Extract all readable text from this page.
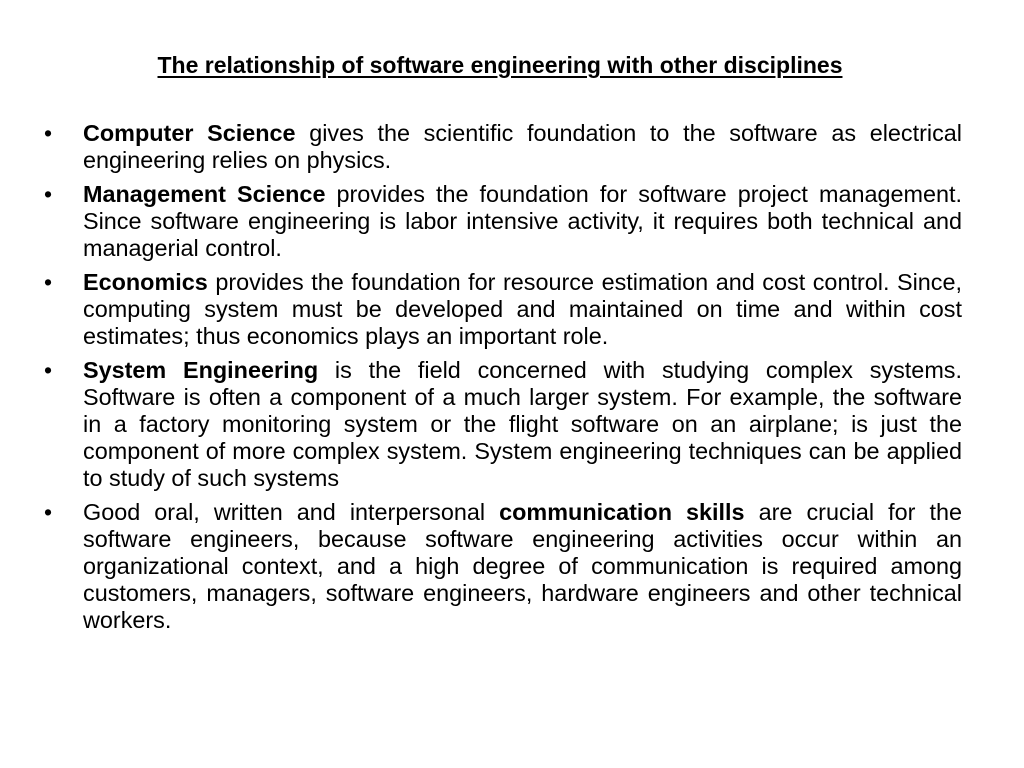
The relationship of software engineering with other disciplines
•	Computer Science gives the scientific foundation to the software as electrical engineering relies on physics.
•	Management Science provides the foundation for software project management. Since software engineering is labor intensive activity, it requires both technical and managerial control.
•	Economics provides the foundation for resource estimation and cost control. Since, computing system must be developed and maintained on time and within cost estimates; thus economics plays an important role.
•	System Engineering is the field concerned with studying complex systems. Software is often a component of a much larger system. For example, the software in a factory monitoring system or the flight software on an airplane; is just the component of more complex system. System engineering techniques can be applied to study of such systems
•	Good oral, written and interpersonal communication skills are crucial for the software engineers, because software engineering activities occur within an organizational context, and a high degree of communication is required among customers, managers, software engineers, hardware engineers and other technical workers.
